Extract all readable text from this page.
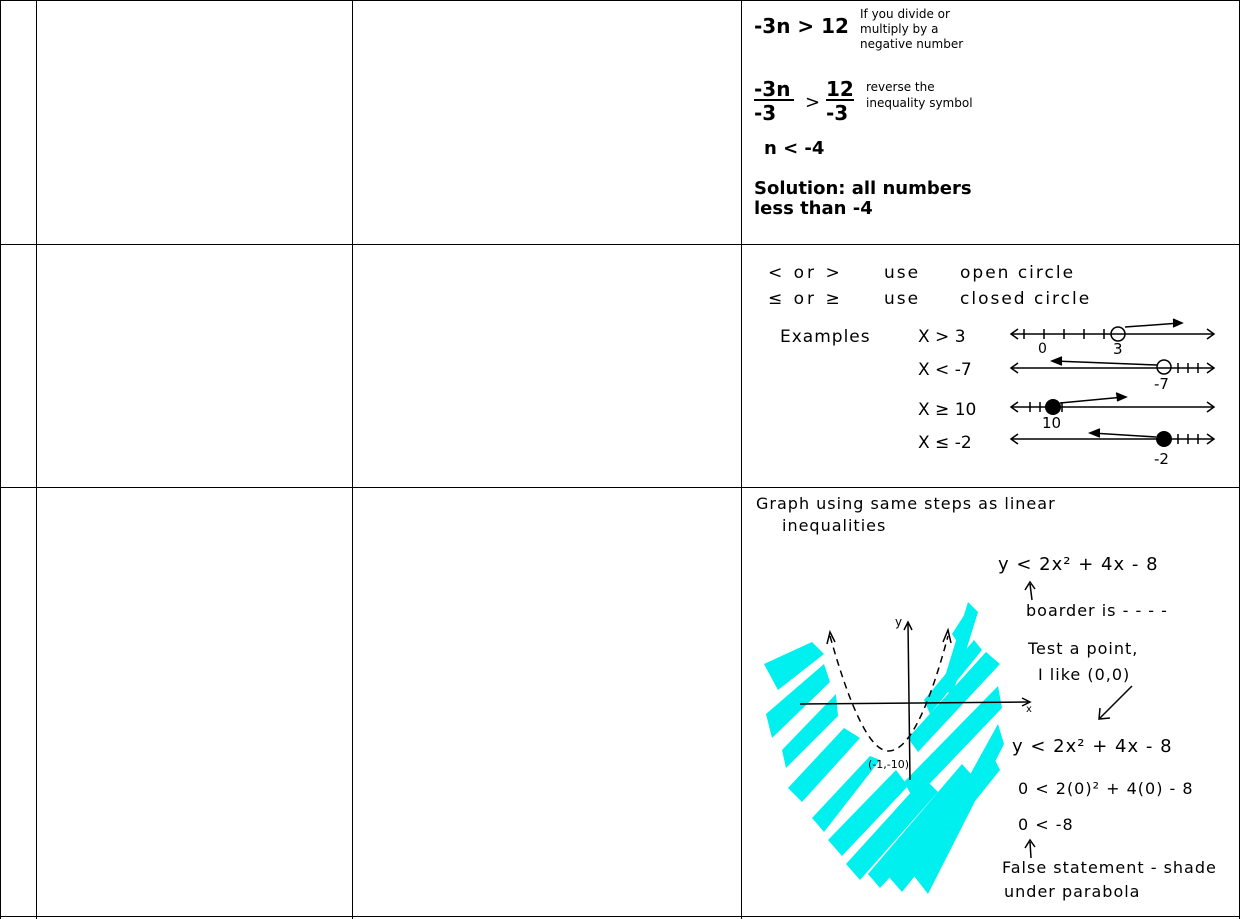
-3n > 12 If you divide or
multiply by a
negative number
-3n
-3 >
12
-3
reverse the
inequality symbol
n < -4
Solution: all numbers
less than -4
< or > use open circle
≤ or ≥ use closed circle
Examples	X > 3
X < -7
X ≥ 10
X ≤ -2
0	3
-7
10
-2
Graph using same steps as linear
inequalities
y < 2x² + 4x - 8
boarder is - - - -
Test a point,
I like (0,0)
y < 2x² + 4x - 8
0 < 2(0)² + 4(0) - 8
0 < -8
False statement - shade
under parabola
y
x
(-1,-10)
